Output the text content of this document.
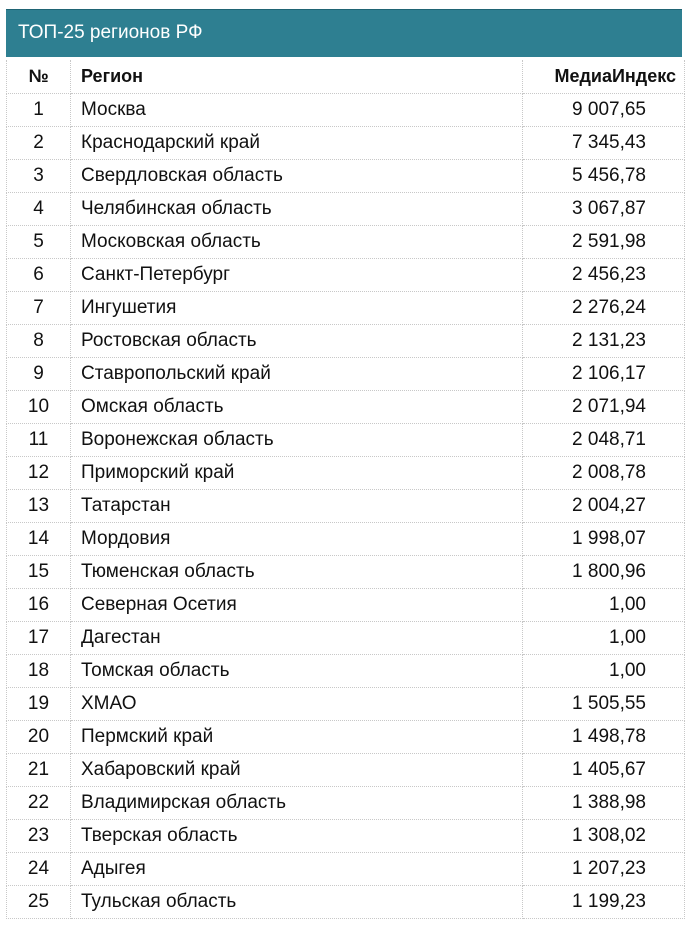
ТОП-25 регионов РФ
№	Регион	МедиаИндекс
1	Москва	9 007,65
2	Краснодарский край	7 345,43
3	Свердловская область	5 456,78
4	Челябинская область	3 067,87
5	Московская область	2 591,98
6	Санкт-Петербург	2 456,23
7	Ингушетия	2 276,24
8	Ростовская область	2 131,23
9	Ставропольский край	2 106,17
10	Омская область	2 071,94
11	Воронежская область	2 048,71
12	Приморский край	2 008,78
13	Татарстан	2 004,27
14	Мордовия	1 998,07
15	Тюменская область	1 800,96
16	Северная Осетия	1,00
17	Дагестан	1,00
18	Томская область	1,00
19	ХМАО	1 505,55
20	Пермский край	1 498,78
21	Хабаровский край	1 405,67
22	Владимирская область	1 388,98
23	Тверская область	1 308,02
24	Адыгея	1 207,23
25	Тульская область	1 199,23
